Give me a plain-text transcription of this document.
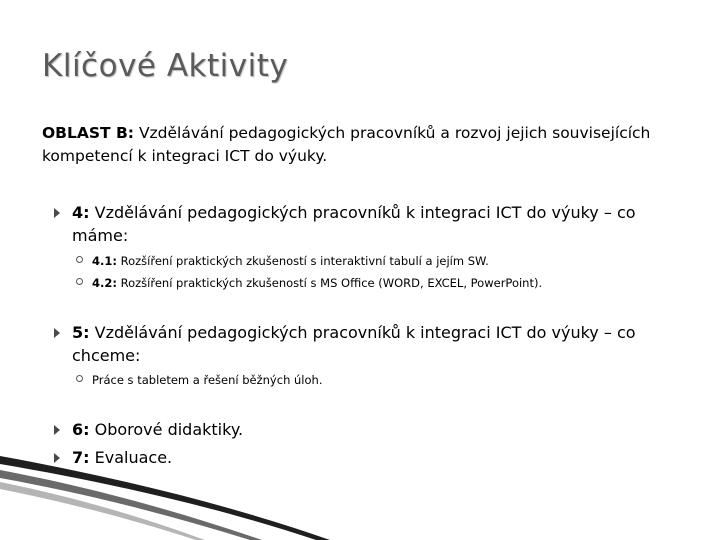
Klíčové Aktivity
OBLAST B: Vzdělávání pedagogických pracovníků a rozvoj jejich souvisejících kompetencí k integraci ICT do výuky.
4: Vzdělávání pedagogických pracovníků k integraci ICT do výuky – co máme:
4.1: Rozšíření praktických zkušeností s interaktivní tabulí a jejím SW.
4.2: Rozšíření praktických zkušeností s MS Office (WORD, EXCEL, PowerPoint).
5: Vzdělávání pedagogických pracovníků k integraci ICT do výuky – co chceme:
Práce s tabletem a řešení běžných úloh.
6: Oborové didaktiky.
7: Evaluace.
